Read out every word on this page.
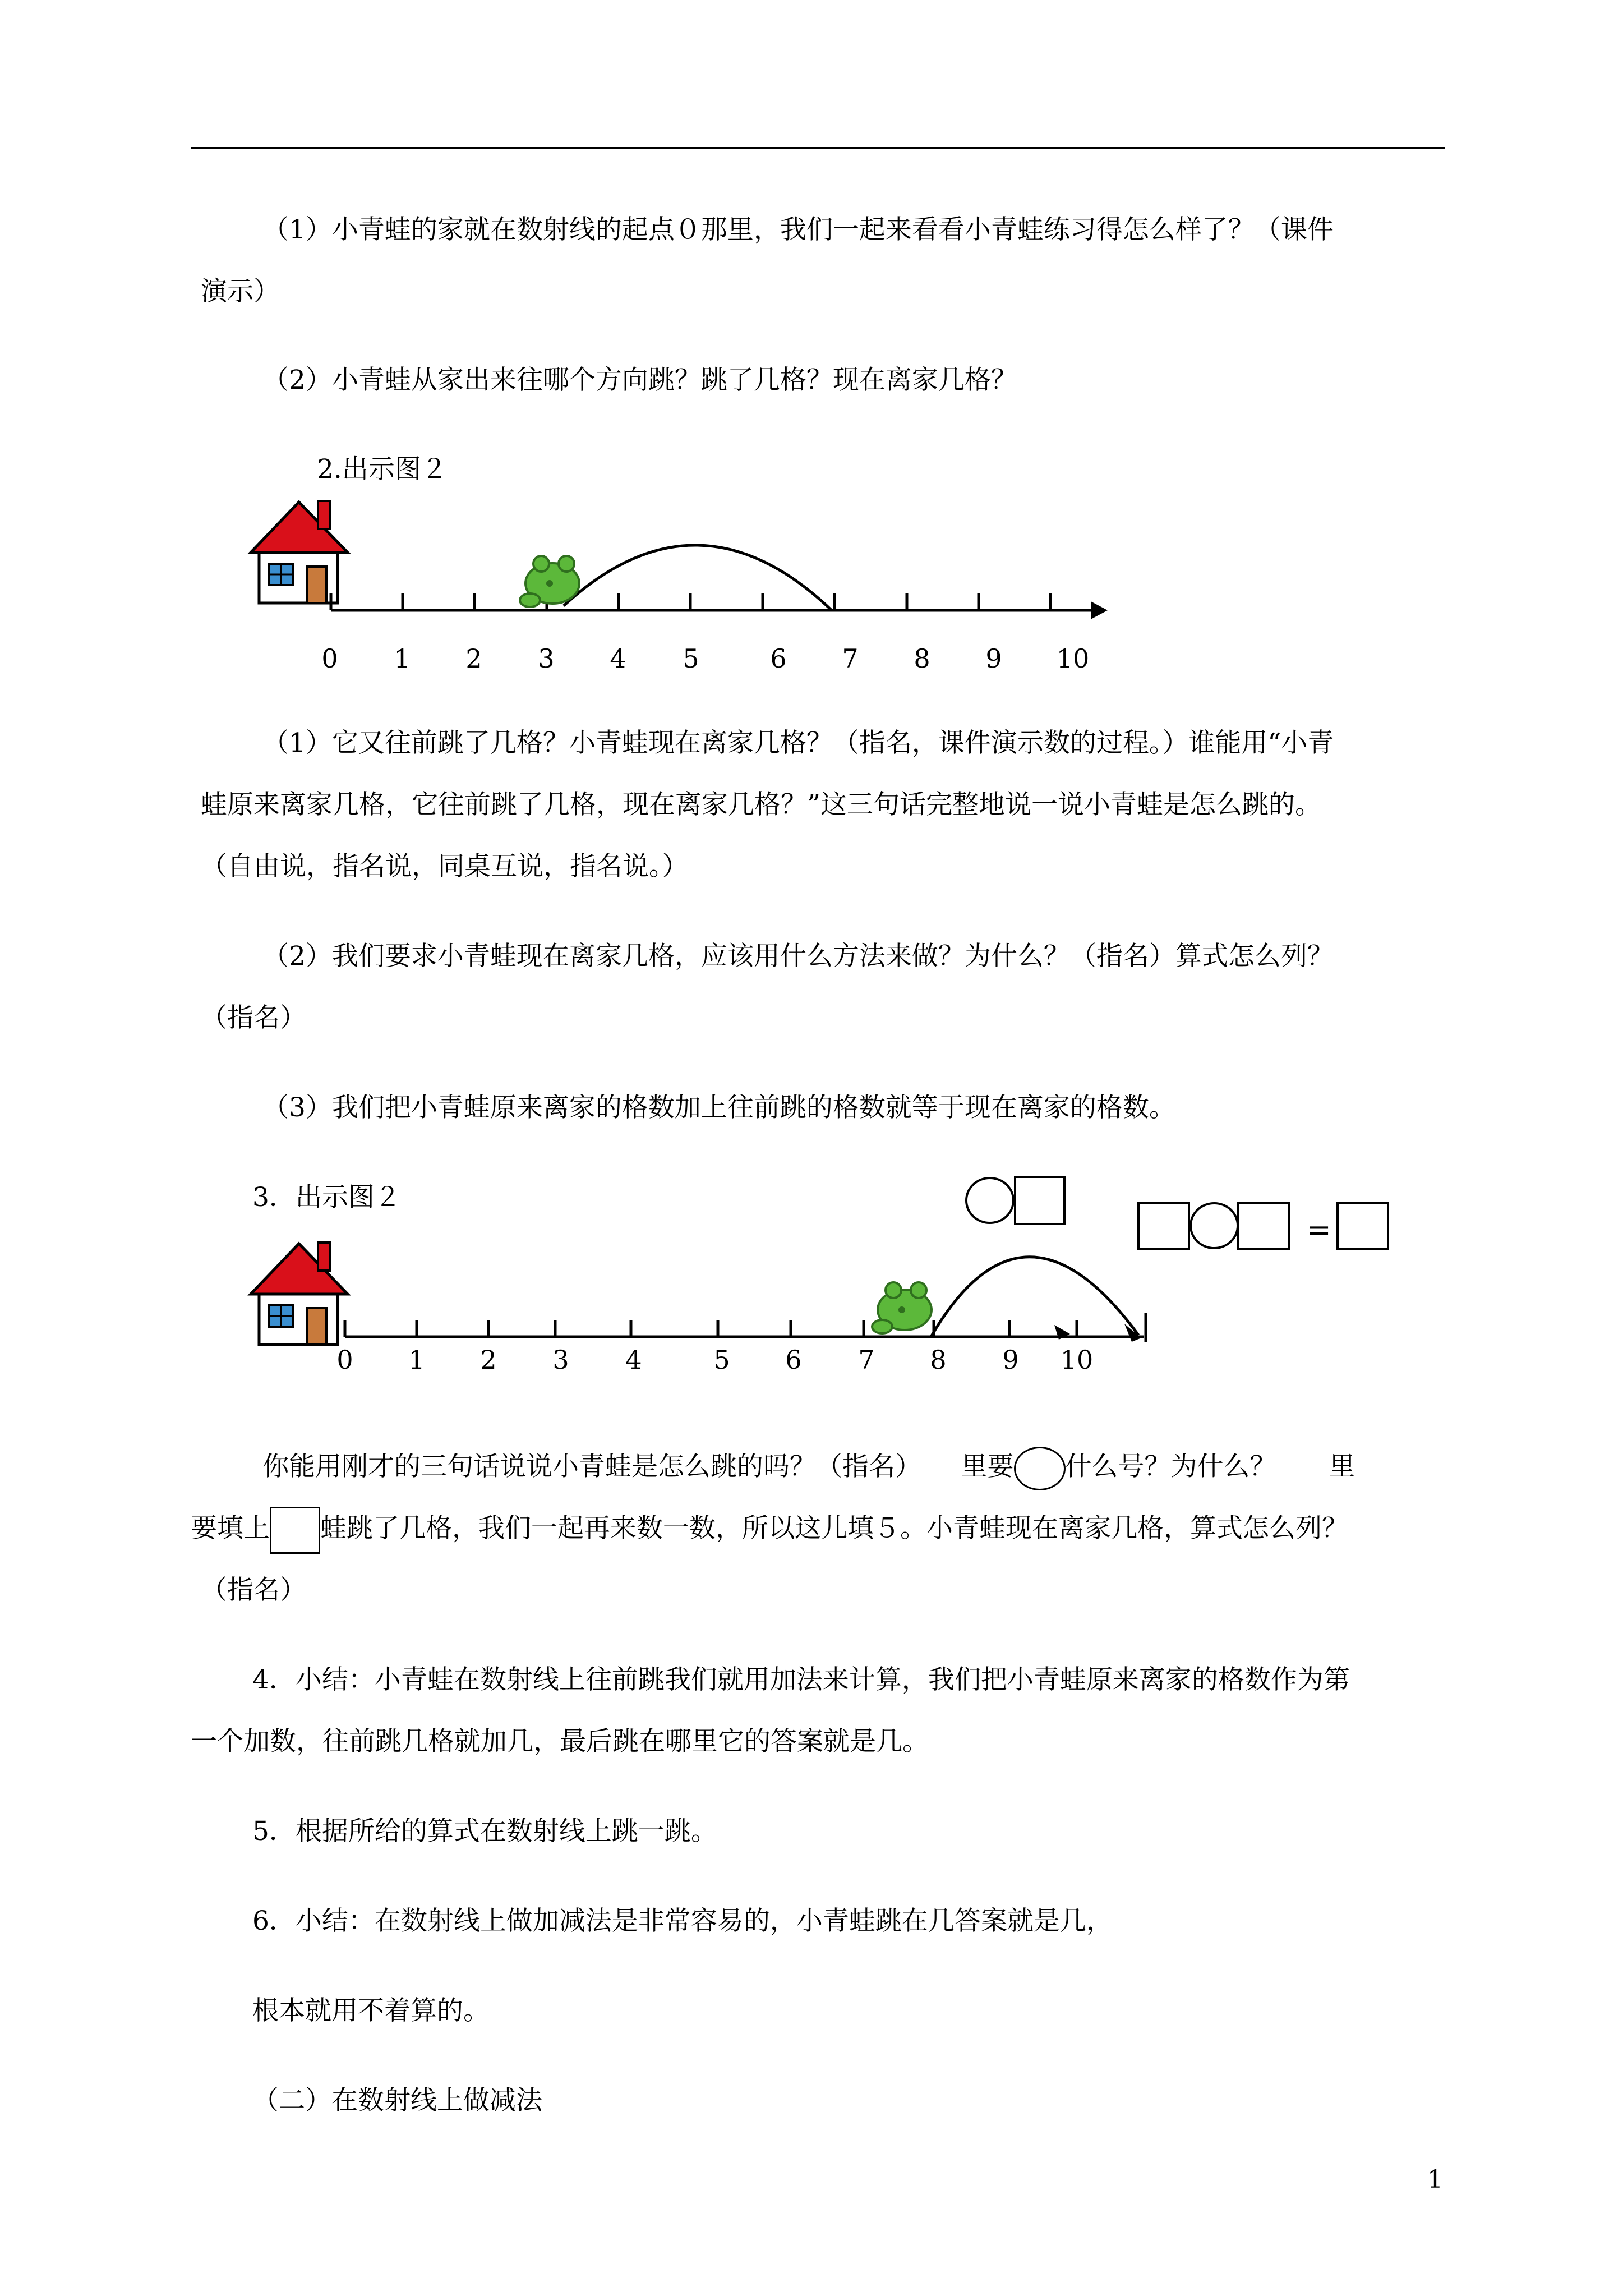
（1）小青蛙的家就在数射线的起点０那里，我们一起来看看小青蛙练习得怎么样了？（课件
演示）
（2）小青蛙从家出来往哪个方向跳？跳了几格？现在离家几格？
2.出示图２
0 1 2 3 4 5	6 7 8 9 10
（1）它又往前跳了几格？小青蛙现在离家几格？（指名，课件演示数的过程。）谁能用“小青
蛙原来离家几格，它往前跳了几格，现在离家几格？”这三句话完整地说一说小青蛙是怎么跳的。
（自由说，指名说，同桌互说，指名说。）
（2）我们要求小青蛙现在离家几格，应该用什么方法来做？为什么？（指名）算式怎么列？
（指名）
（3）我们把小青蛙原来离家的格数加上往前跳的格数就等于现在离家的格数。
3．出示图２
=
0 1 2 3 4	5 6 7 8 9 10
你能用刚才的三句话说说小青蛙是怎么跳的吗？（指名）　　里要 什么号？为什么？　　里
要填上 蛙跳了几格，我们一起再来数一数，所以这儿填５。小青蛙现在离家几格，算式怎么列？
（指名）
4．小结：小青蛙在数射线上往前跳我们就用加法来计算，我们把小青蛙原来离家的格数作为第
一个加数，往前跳几格就加几，最后跳在哪里它的答案就是几。
5．根据所给的算式在数射线上跳一跳。
6．小结：在数射线上做加减法是非常容易的，小青蛙跳在几答案就是几，
根本就用不着算的。
（二）在数射线上做减法
1
